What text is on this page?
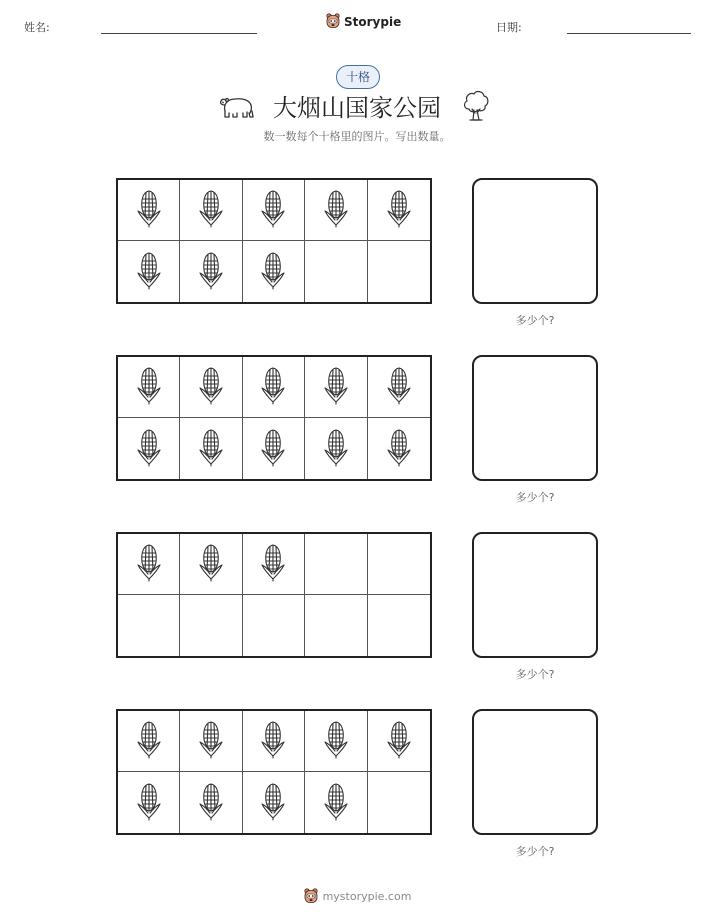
姓名:	Storypie	日期:
十格
大烟山国家公园
数一数每个十格里的图片。写出数量。
多少个?
多少个?
多少个?
多少个?
mystorypie.com
